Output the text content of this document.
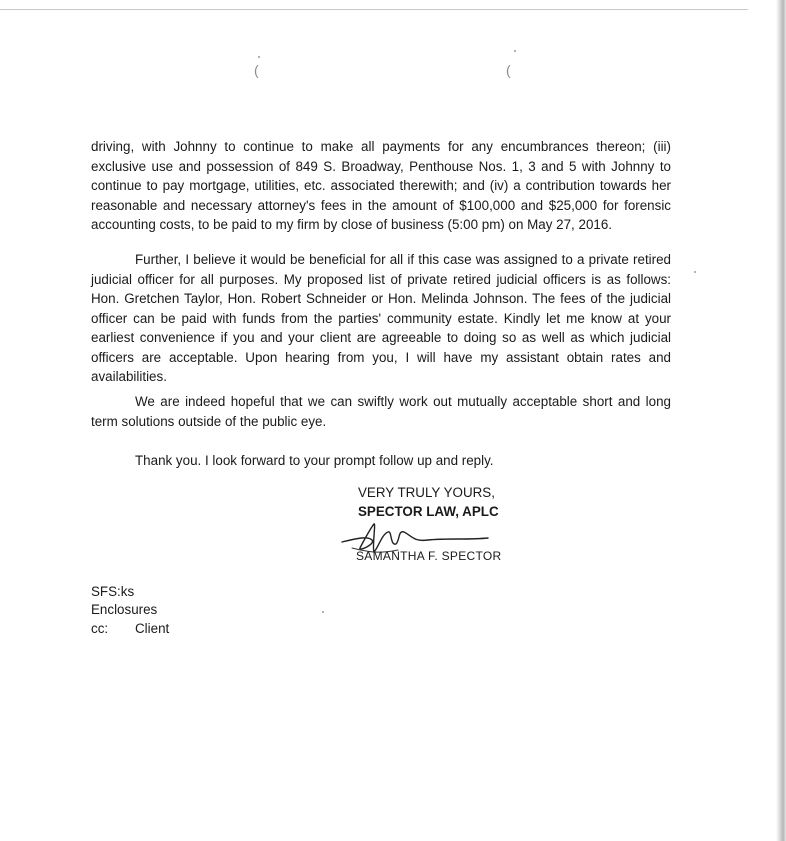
(	(

driving, with Johnny to continue to make all payments for any encumbrances thereon; (iii) exclusive use and possession of 849 S. Broadway, Penthouse Nos. 1, 3 and 5 with Johnny to continue to pay mortgage, utilities, etc. associated therewith; and (iv) a contribution towards her reasonable and necessary attorney's fees in the amount of $100,000 and $25,000 for forensic accounting costs, to be paid to my firm by close of business (5:00 pm) on May 27, 2016.

Further, I believe it would be beneficial for all if this case was assigned to a private retired judicial officer for all purposes. My proposed list of private retired judicial officers is as follows: Hon. Gretchen Taylor, Hon. Robert Schneider or Hon. Melinda Johnson. The fees of the judicial officer can be paid with funds from the parties' community estate. Kindly let me know at your earliest convenience if you and your client are agreeable to doing so as well as which judicial officers are acceptable. Upon hearing from you, I will have my assistant obtain rates and availabilities.

We are indeed hopeful that we can swiftly work out mutually acceptable short and long term solutions outside of the public eye.

Thank you. I look forward to your prompt follow up and reply.

VERY TRULY YOURS,
SPECTOR LAW, APLC
SAMANTHA F. SPECTOR
SFS:ks
Enclosures
cc: Client
